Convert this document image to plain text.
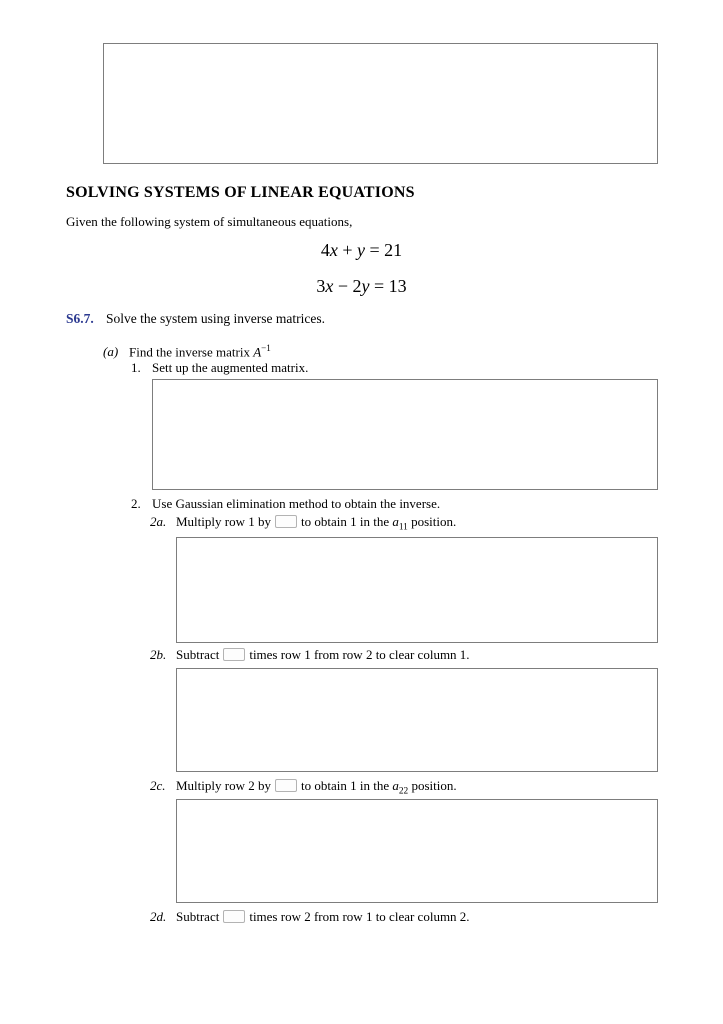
SOLVING SYSTEMS OF LINEAR EQUATIONS
Given the following system of simultaneous equations,
4x + y = 21
3x − 2y = 13
S6.7. Solve the system using inverse matrices.
(a) Find the inverse matrix $A^{-1}$
1. Sett up the augmented matrix.
2. Use Gaussian elimination method to obtain the inverse.
2a. Multiply row 1 by to obtain 1 in the $a_{11}$ position.
2b. Subtract times row 1 from row 2 to clear column 1.
2c. Multiply row 2 by to obtain 1 in the $a_{22}$ position.
2d. Subtract times row 2 from row 1 to clear column 2.
